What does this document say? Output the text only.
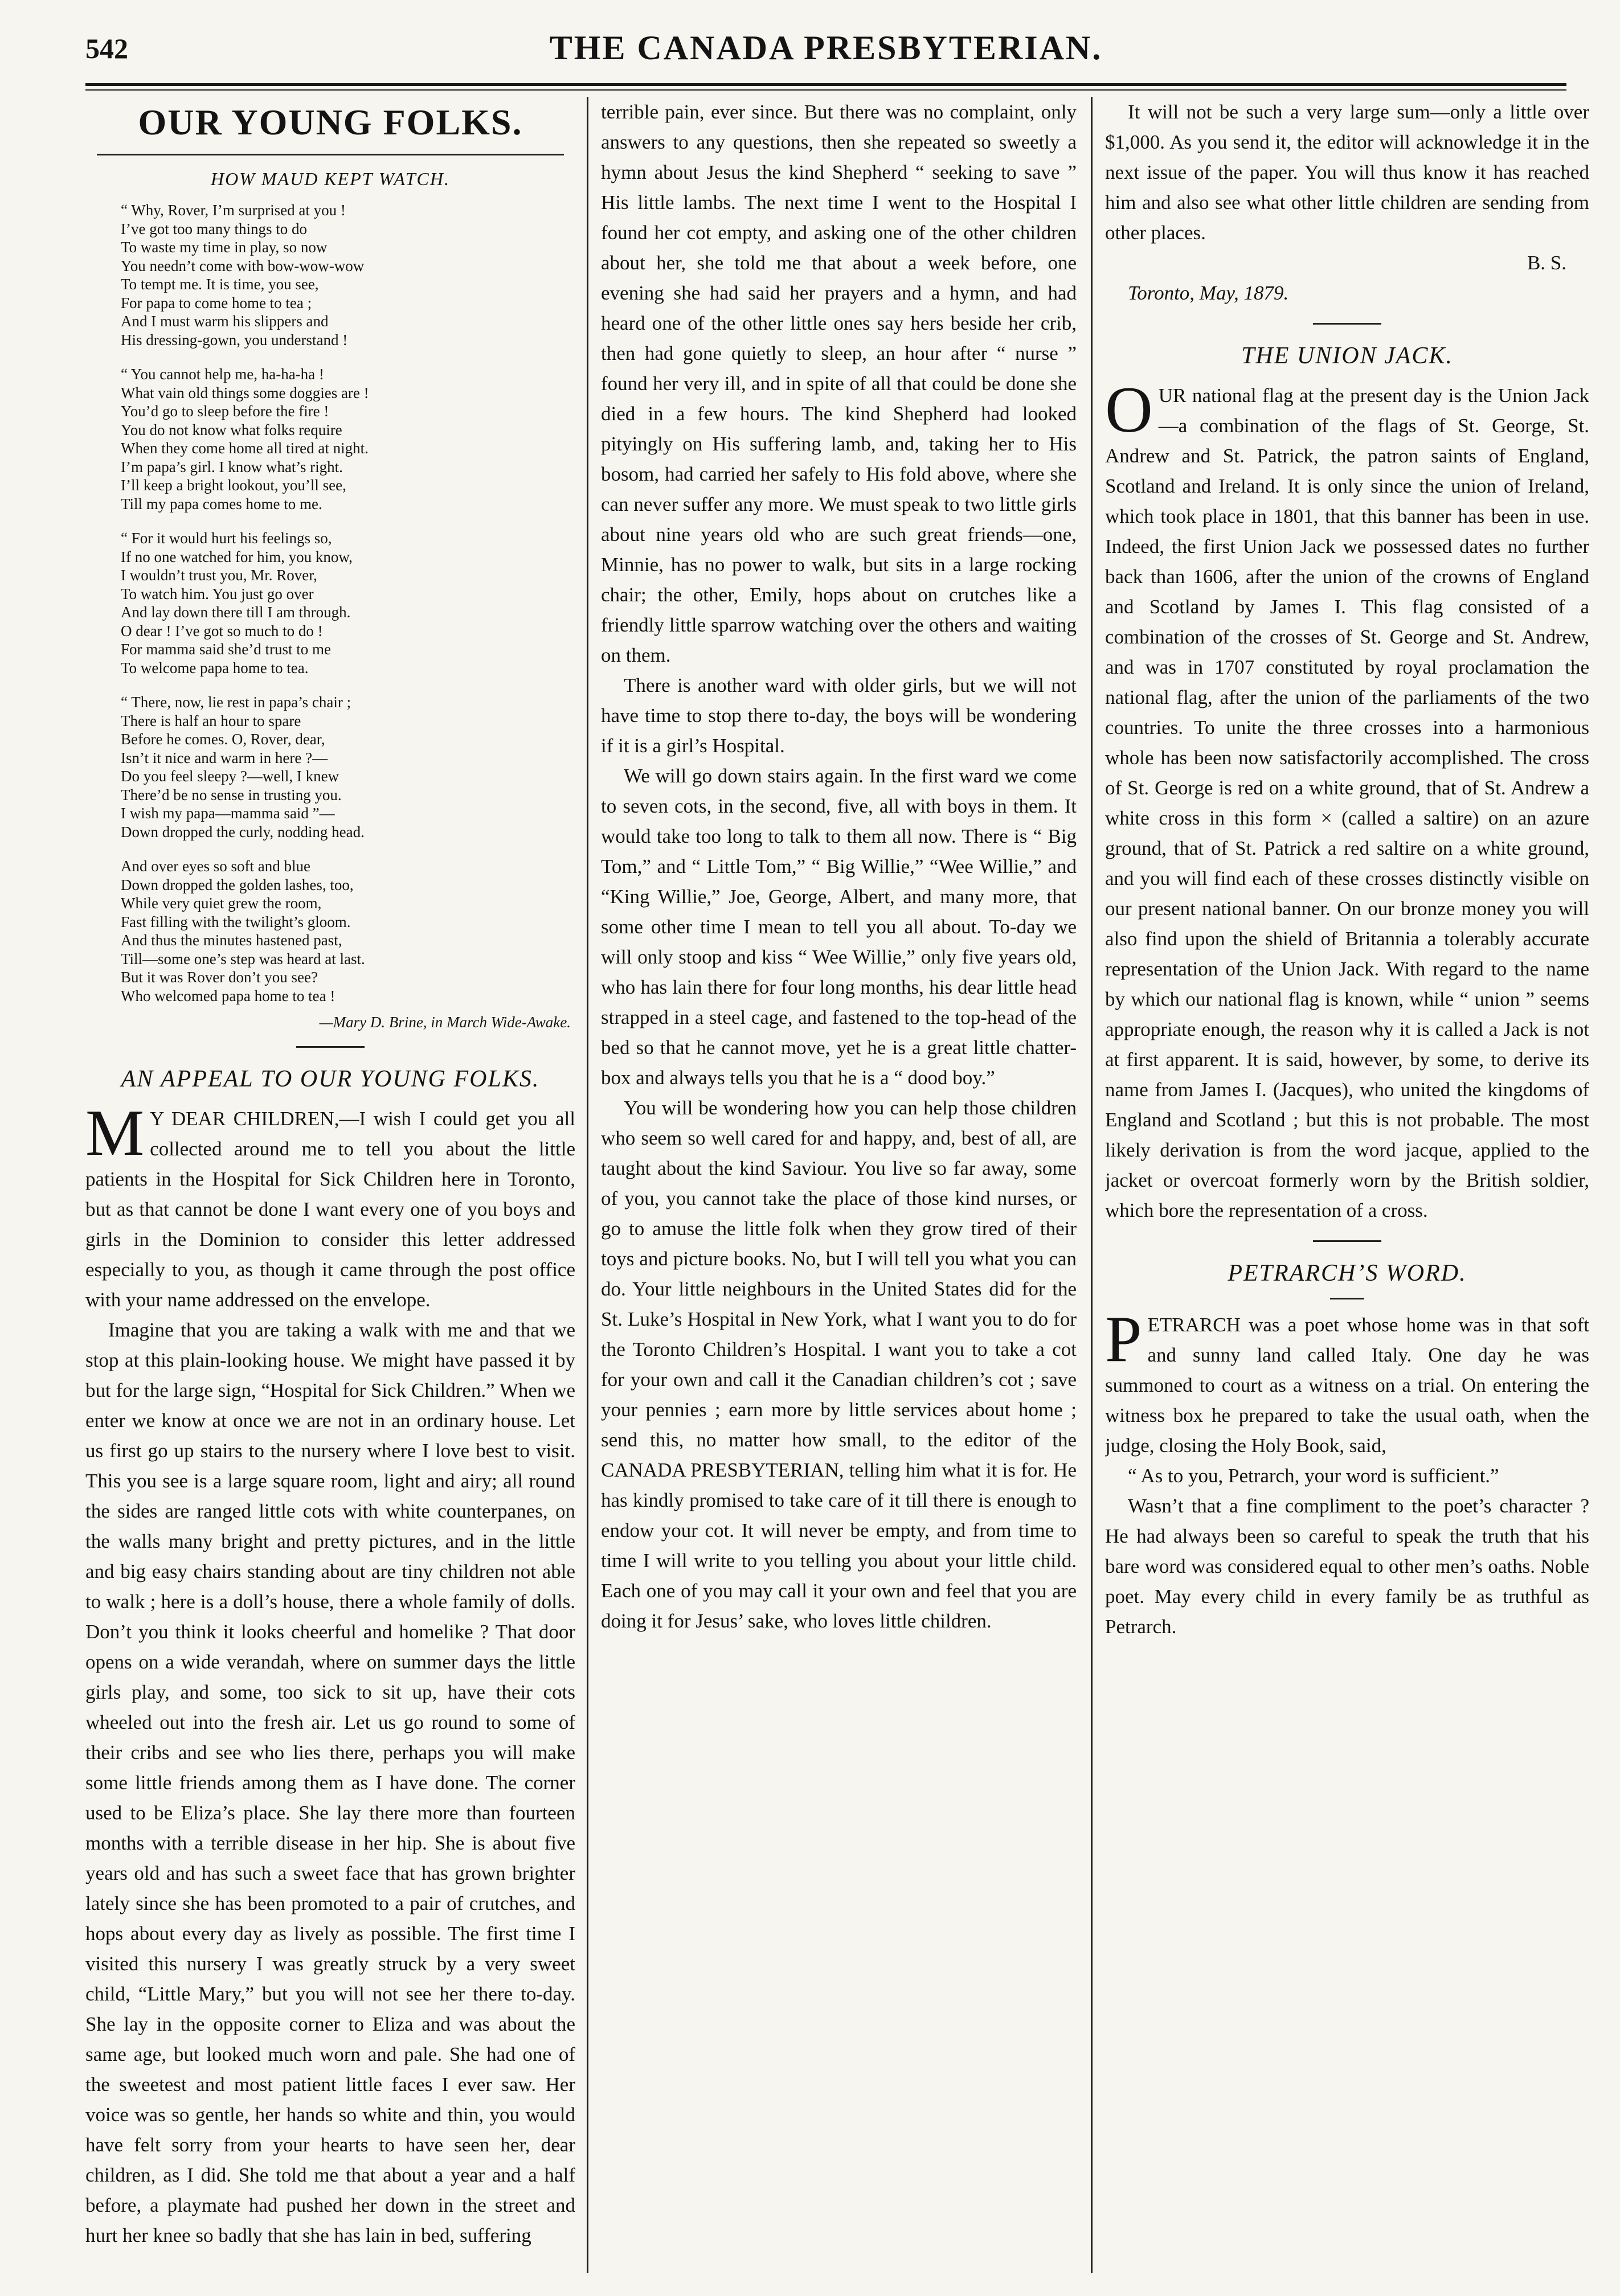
542	THE CANADA PRESBYTERIAN.
OUR YOUNG FOLKS.
HOW MAUD KEPT WATCH.

“ Why, Rover, I’m surprised at you !

I’ve got too many things to do

To waste my time in play, so now

You needn’t come with bow-wow-wow

To tempt me. It is time, you see,

For papa to come home to tea ;

And I must warm his slippers and

His dressing-gown, you understand !

“ You cannot help me, ha-ha-ha !

What vain old things some doggies are !

You’d go to sleep before the fire !

You do not know what folks require

When they come home all tired at night.

I’m papa’s girl. I know what’s right.

I’ll keep a bright lookout, you’ll see,

Till my papa comes home to me.

“ For it would hurt his feelings so,

If no one watched for him, you know,

I wouldn’t trust you, Mr. Rover,

To watch him. You just go over

And lay down there till I am through.

O dear ! I’ve got so much to do !

For mamma said she’d trust to me

To welcome papa home to tea.

“ There, now, lie rest in papa’s chair ;

There is half an hour to spare

Before he comes. O, Rover, dear,

Isn’t it nice and warm in here ?—

Do you feel sleepy ?—well, I knew

There’d be no sense in trusting you.

I wish my papa—mamma said ”—

Down dropped the curly, nodding head.

And over eyes so soft and blue

Down dropped the golden lashes, too,

While very quiet grew the room,

Fast filling with the twilight’s gloom.

And thus the minutes hastened past,

Till—some one’s step was heard at last.

But it was Rover don’t you see?

Who welcomed papa home to tea !

—Mary D. Brine, in March Wide-Awake.
AN APPEAL TO OUR YOUNG FOLKS.

M Y DEAR CHILDREN,—I wish I could get you all collected around me to tell you about the little patients in the Hospital for Sick Children here in Toronto, but as that cannot be done I want every one of you boys and girls in the Dominion to consider this letter addressed especially to you, as though it came through the post office with your name addressed on the envelope.

Imagine that you are taking a walk with me and that we stop at this plain-looking house. We might have passed it by but for the large sign, “Hospital for Sick Children.” When we enter we know at once we are not in an ordinary house. Let us first go up stairs to the nursery where I love best to visit. This you see is a large square room, light and airy; all round the sides are ranged little cots with white counterpanes, on the walls many bright and pretty pictures, and in the little and big easy chairs standing about are tiny children not able to walk ; here is a doll’s house, there a whole family of dolls. Don’t you think it looks cheerful and homelike ? That door opens on a wide verandah, where on summer days the little girls play, and some, too sick to sit up, have their cots wheeled out into the fresh air. Let us go round to some of their cribs and see who lies there, perhaps you will make some little friends among them as I have done. The corner used to be Eliza’s place. She lay there more than fourteen months with a terrible disease in her hip. She is about five years old and has such a sweet face that has grown brighter lately since she has been promoted to a pair of crutches, and hops about every day as lively as possible. The first time I visited this nursery I was greatly struck by a very sweet child, “Little Mary,” but you will not see her there to-day. She lay in the opposite corner to Eliza and was about the same age, but looked much worn and pale. She had one of the sweetest and most patient little faces I ever saw. Her voice was so gentle, her hands so white and thin, you would have felt sorry from your hearts to have seen her, dear children, as I did. She told me that about a year and a half before, a playmate had pushed her down in the street and hurt her knee so badly that she has lain in bed, suffering

terrible pain, ever since. But there was no complaint, only answers to any questions, then she repeated so sweetly a hymn about Jesus the kind Shepherd “ seeking to save ” His little lambs. The next time I went to the Hospital I found her cot empty, and asking one of the other children about her, she told me that about a week before, one evening she had said her prayers and a hymn, and had heard one of the other little ones say hers beside her crib, then had gone quietly to sleep, an hour after “ nurse ” found her very ill, and in spite of all that could be done she died in a few hours. The kind Shepherd had looked pityingly on His suffering lamb, and, taking her to His bosom, had carried her safely to His fold above, where she can never suffer any more. We must speak to two little girls about nine years old who are such great friends—one, Minnie, has no power to walk, but sits in a large rocking chair; the other, Emily, hops about on crutches like a friendly little sparrow watching over the others and waiting on them.

There is another ward with older girls, but we will not have time to stop there to-day, the boys will be wondering if it is a girl’s Hospital.

We will go down stairs again. In the first ward we come to seven cots, in the second, five, all with boys in them. It would take too long to talk to them all now. There is “ Big Tom,” and “ Little Tom,” “ Big Willie,” “Wee Willie,” and “King Willie,” Joe, George, Albert, and many more, that some other time I mean to tell you all about. To-day we will only stoop and kiss “ Wee Willie,” only five years old, who has lain there for four long months, his dear little head strapped in a steel cage, and fastened to the top-head of the bed so that he cannot move, yet he is a great little chatter-box and always tells you that he is a “ dood boy.”

You will be wondering how you can help those children who seem so well cared for and happy, and, best of all, are taught about the kind Saviour. You live so far away, some of you, you cannot take the place of those kind nurses, or go to amuse the little folk when they grow tired of their toys and picture books. No, but I will tell you what you can do. Your little neighbours in the United States did for the St. Luke’s Hospital in New York, what I want you to do for the Toronto Children’s Hospital. I want you to take a cot for your own and call it the Canadian children’s cot ; save your pennies ; earn more by little services about home ; send this, no matter how small, to the editor of the CANADA PRESBYTERIAN, telling him what it is for. He has kindly promised to take care of it till there is enough to endow your cot. It will never be empty, and from time to time I will write to you telling you about your little child. Each one of you may call it your own and feel that you are doing it for Jesus’ sake, who loves little children.

It will not be such a very large sum—only a little over $1,000. As you send it, the editor will acknowledge it in the next issue of the paper. You will thus know it has reached him and also see what other little children are sending from other places.

B. S.
Toronto, May, 1879.
THE UNION JACK.

OUR national flag at the present day is the Union Jack—a combination of the flags of St. George, St. Andrew and St. Patrick, the patron saints of England, Scotland and Ireland. It is only since the union of Ireland, which took place in 1801, that this banner has been in use. Indeed, the first Union Jack we possessed dates no further back than 1606, after the union of the crowns of England and Scotland by James I. This flag consisted of a combination of the crosses of St. George and St. Andrew, and was in 1707 constituted by royal proclamation the national flag, after the union of the parliaments of the two countries. To unite the three crosses into a harmonious whole has been now satisfactorily accomplished. The cross of St. George is red on a white ground, that of St. Andrew a white cross in this form × (called a saltire) on an azure ground, that of St. Patrick a red saltire on a white ground, and you will find each of these crosses distinctly visible on our present national banner. On our bronze money you will also find upon the shield of Britannia a tolerably accurate representation of the Union Jack. With regard to the name by which our national flag is known, while “ union ” seems appropriate enough, the reason why it is called a Jack is not at first apparent. It is said, however, by some, to derive its name from James I. (Jacques), who united the kingdoms of England and Scotland ; but this is not probable. The most likely derivation is from the word jacque, applied to the jacket or overcoat formerly worn by the British soldier, which bore the representation of a cross.

PETRARCH’S WORD.

PETRARCH was a poet whose home was in that soft and sunny land called Italy. One day he was summoned to court as a witness on a trial. On entering the witness box he prepared to take the usual oath, when the judge, closing the Holy Book, said,

“ As to you, Petrarch, your word is sufficient.”

Wasn’t that a fine compliment to the poet’s character ? He had always been so careful to speak the truth that his bare word was considered equal to other men’s oaths. Noble poet. May every child in every family be as truthful as Petrarch.
